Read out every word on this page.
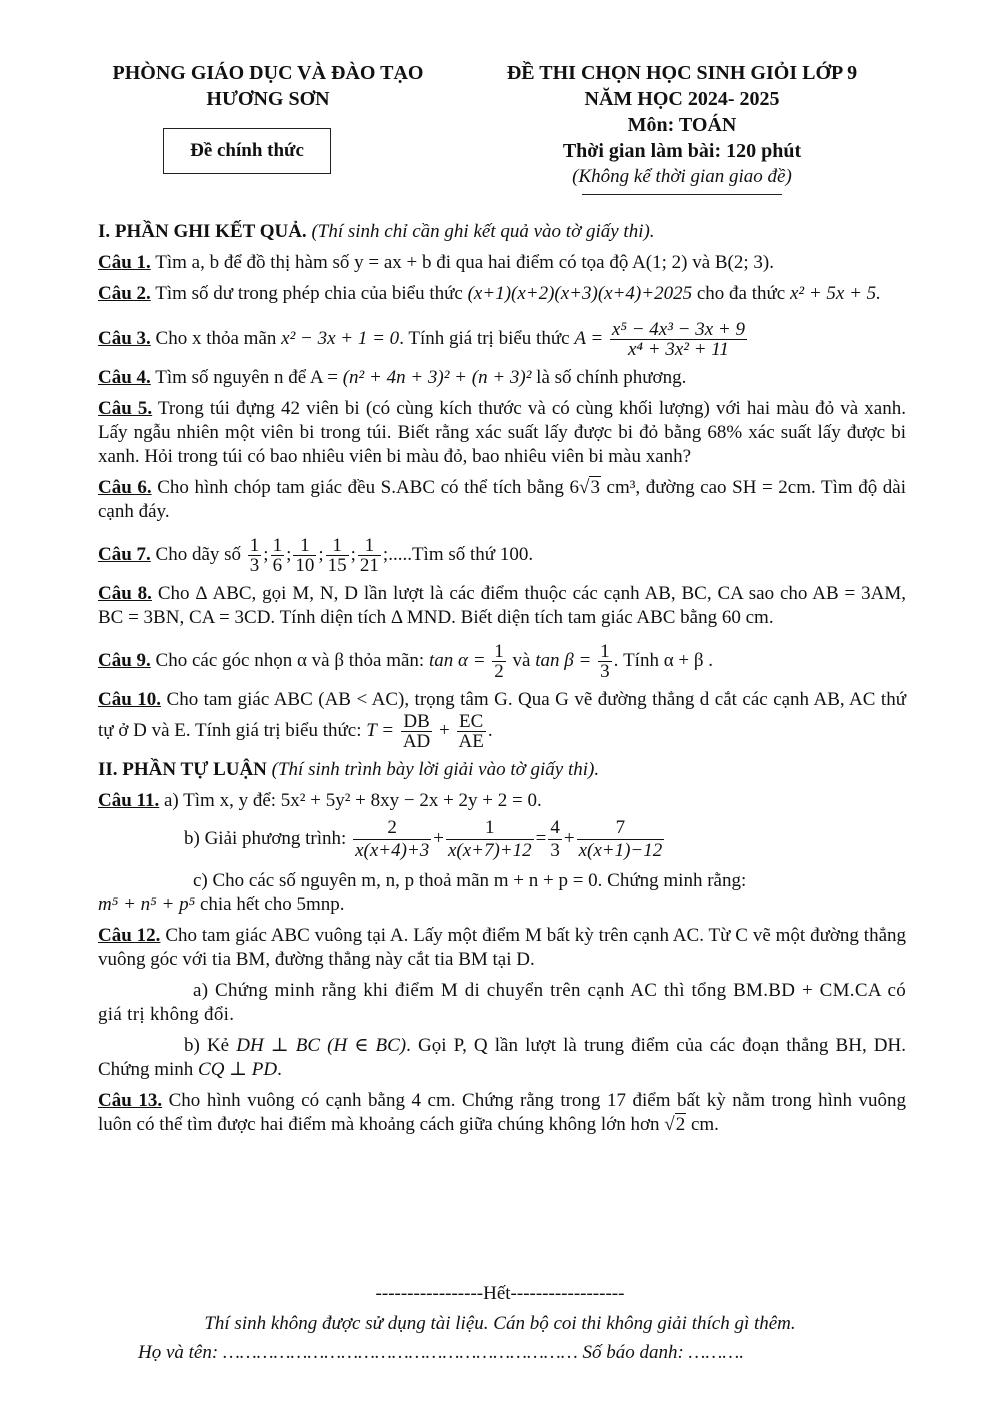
PHÒNG GIÁO DỤC VÀ ĐÀO TẠO
HƯƠNG SƠN
Đề chính thức
ĐỀ THI CHỌN HỌC SINH GIỎI LỚP 9
NĂM HỌC 2024- 2025
Môn: TOÁN
Thời gian làm bài: 120 phút
(Không kể thời gian giao đề)
I. PHẦN GHI KẾT QUẢ. (Thí sinh chỉ cần ghi kết quả vào tờ giấy thi).
Câu 1. Tìm a, b để đồ thị hàm số y = ax + b đi qua hai điểm có tọa độ A(1; 2) và B(2; 3).
Câu 2. Tìm số dư trong phép chia của biểu thức (x+1)(x+2)(x+3)(x+4)+2025 cho đa thức x² + 5x + 5.
Câu 3. Cho x thỏa mãn x² − 3x + 1 = 0. Tính giá trị biểu thức $A = \frac{\text{x⁵ − 4x³ − 3x + 9}}{\text{x⁴ + 3x² + 11}}$
Câu 4. Tìm số nguyên n để A = (n² + 4n + 3)² + (n + 3)² là số chính phương.
Câu 5. Trong túi đựng 42 viên bi (có cùng kích thước và có cùng khối lượng) với hai màu đỏ và xanh. Lấy ngẫu nhiên một viên bi trong túi. Biết rằng xác suất lấy được bi đỏ bằng 68% xác suất lấy được bi xanh. Hỏi trong túi có bao nhiêu viên bi màu đỏ, bao nhiêu viên bi màu xanh?
Câu 6. Cho hình chóp tam giác đều S.ABC có thể tích bằng 6√3 cm³, đường cao SH = 2cm. Tìm độ dài cạnh đáy.
Câu 7. Cho dãy số $\frac{1}{3}$ ; $\frac{1}{6}$ ; $\frac{1}{10}$ ; $\frac{1}{15}$ ; $\frac{1}{21}$ ;.....Tìm số thứ 100.
Câu 8. Cho Δ ABC, gọi M, N, D lần lượt là các điểm thuộc các cạnh AB, BC, CA sao cho AB = 3AM, BC = 3BN, CA = 3CD. Tính diện tích Δ MND. Biết diện tích tam giác ABC bằng 60 cm.
Câu 9. Cho các góc nhọn α và β thỏa mãn: $\tan \alpha = \frac{1}{2}$ và $\tan \beta = \frac{1}{3}$ . Tính α + β .
Câu 10. Cho tam giác ABC (AB < AC), trọng tâm G. Qua G vẽ đường thẳng d cắt các cạnh AB, AC thứ tự ở D và E. Tính giá trị biểu thức: $T = \frac{DB}{AD} + \frac{EC}{AE}$ .
II. PHẦN TỰ LUẬN (Thí sinh trình bày lời giải vào tờ giấy thi).
Câu 11. a) Tìm x, y để: 5x² + 5y² + 8xy − 2x + 2y + 2 = 0.
b) Giải phương trình: $\frac{2}{x(x+4)+3} + \frac{1}{x(x+7)+12} = \frac{4}{3} + \frac{7}{x(x+1)-12}$
c) Cho các số nguyên m, n, p thoả mãn m + n + p = 0. Chứng minh rằng:
m⁵ + n⁵ + p⁵ chia hết cho 5mnp.
Câu 12. Cho tam giác ABC vuông tại A. Lấy một điểm M bất kỳ trên cạnh AC. Từ C vẽ một đường thẳng vuông góc với tia BM, đường thẳng này cắt tia BM tại D.
a) Chứng minh rằng khi điểm M di chuyển trên cạnh AC thì tổng BM.BD + CM.CA có giá trị không đổi.
b) Kẻ DH ⊥ BC (H ∈ BC). Gọi P, Q lần lượt là trung điểm của các đoạn thẳng BH, DH. Chứng minh CQ ⊥ PD.
Câu 13. Cho hình vuông có cạnh bằng 4 cm. Chứng rằng trong 17 điểm bất kỳ nằm trong hình vuông luôn có thể tìm được hai điểm mà khoảng cách giữa chúng không lớn hơn √2 cm.
-----------------Hết------------------
Thí sinh không được sử dụng tài liệu. Cán bộ coi thi không giải thích gì thêm.
Họ và tên: ……………………………………………………… Số báo danh: ……….
